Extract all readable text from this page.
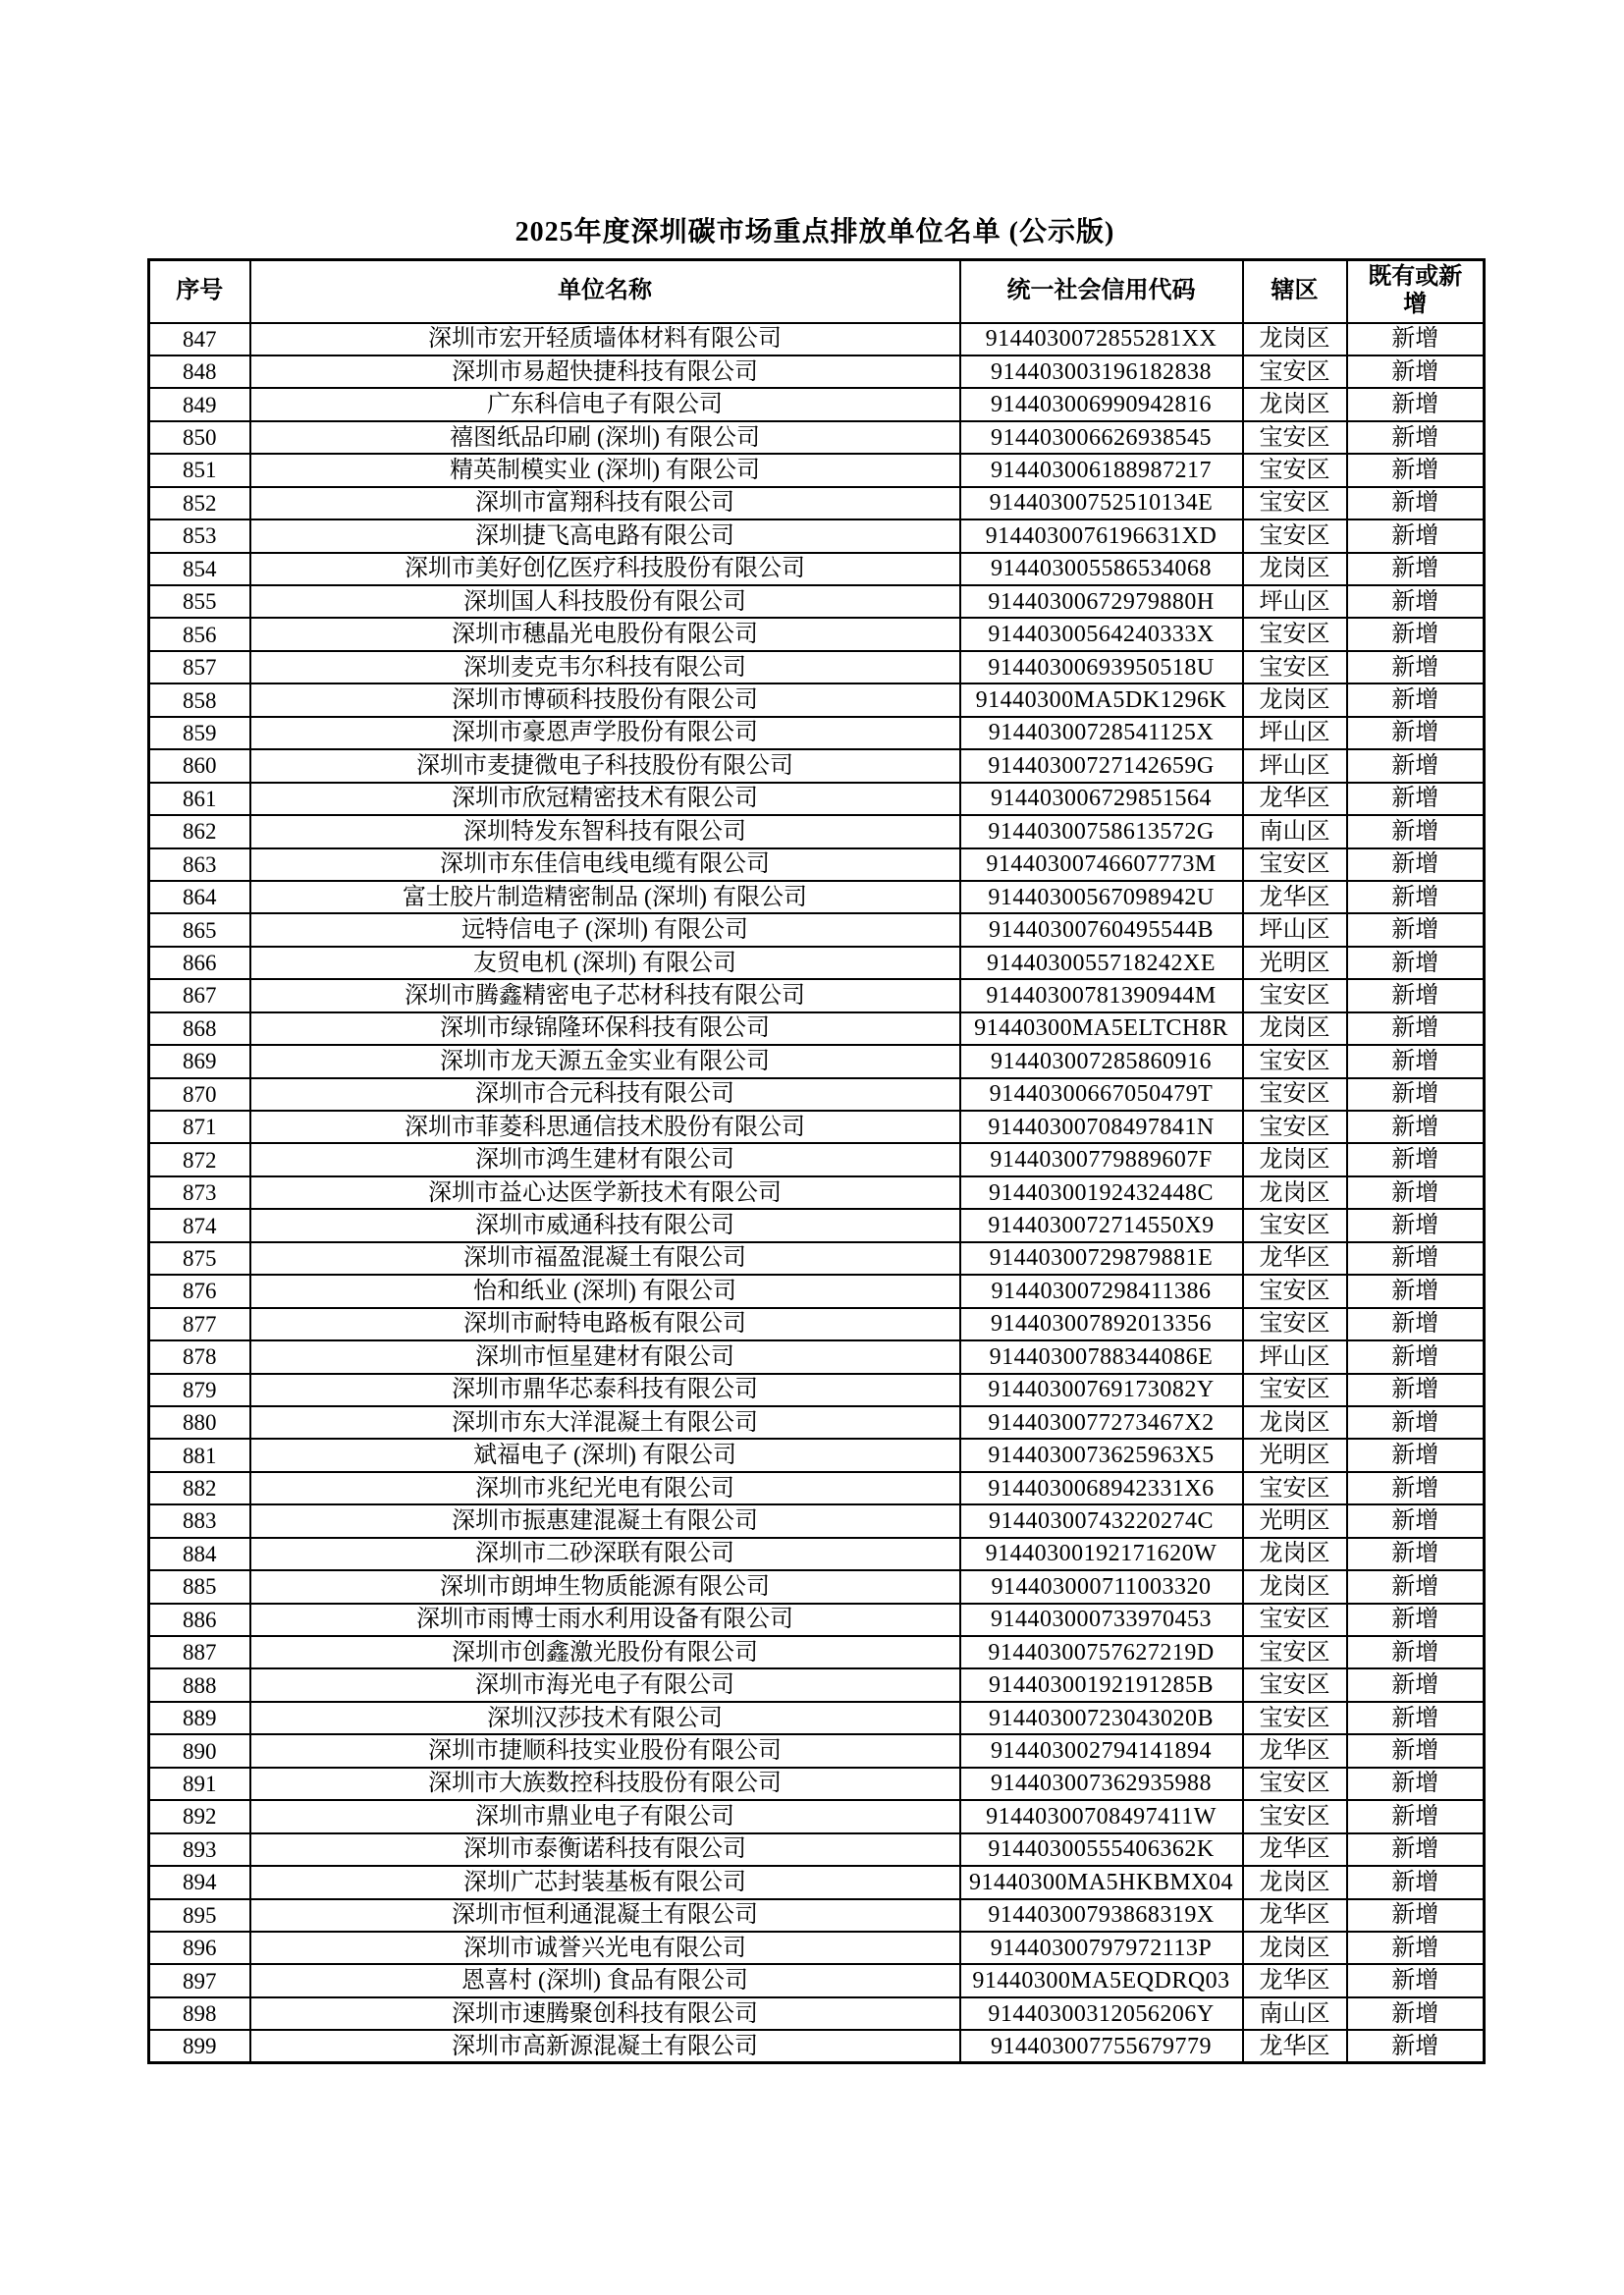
2025年度深圳碳市场重点排放单位名单 (公示版)
序号	单位名称	统一社会信用代码	辖区	既有或新增
847	深圳市宏开轻质墙体材料有限公司	9144030072855281XX	龙岗区	新增
848	深圳市易超快捷科技有限公司	914403003196182838	宝安区	新增
849	广东科信电子有限公司	914403006990942816	龙岗区	新增
850	禧图纸品印刷 (深圳) 有限公司	914403006626938545	宝安区	新增
851	精英制模实业 (深圳) 有限公司	914403006188987217	宝安区	新增
852	深圳市富翔科技有限公司	91440300752510134E	宝安区	新增
853	深圳捷飞高电路有限公司	9144030076196631XD	宝安区	新增
854	深圳市美好创亿医疗科技股份有限公司	914403005586534068	龙岗区	新增
855	深圳国人科技股份有限公司	91440300672979880H	坪山区	新增
856	深圳市穗晶光电股份有限公司	91440300564240333X	宝安区	新增
857	深圳麦克韦尔科技有限公司	91440300693950518U	宝安区	新增
858	深圳市博硕科技股份有限公司	91440300MA5DK1296K	龙岗区	新增
859	深圳市豪恩声学股份有限公司	91440300728541125X	坪山区	新增
860	深圳市麦捷微电子科技股份有限公司	91440300727142659G	坪山区	新增
861	深圳市欣冠精密技术有限公司	914403006729851564	龙华区	新增
862	深圳特发东智科技有限公司	91440300758613572G	南山区	新增
863	深圳市东佳信电线电缆有限公司	91440300746607773M	宝安区	新增
864	富士胶片制造精密制品 (深圳) 有限公司	91440300567098942U	龙华区	新增
865	远特信电子 (深圳) 有限公司	91440300760495544B	坪山区	新增
866	友贸电机 (深圳) 有限公司	9144030055718242XE	光明区	新增
867	深圳市腾鑫精密电子芯材科技有限公司	91440300781390944M	宝安区	新增
868	深圳市绿锦隆环保科技有限公司	91440300MA5ELTCH8R	龙岗区	新增
869	深圳市龙天源五金实业有限公司	914403007285860916	宝安区	新增
870	深圳市合元科技有限公司	91440300667050479T	宝安区	新增
871	深圳市菲菱科思通信技术股份有限公司	91440300708497841N	宝安区	新增
872	深圳市鸿生建材有限公司	91440300779889607F	龙岗区	新增
873	深圳市益心达医学新技术有限公司	91440300192432448C	龙岗区	新增
874	深圳市威通科技有限公司	9144030072714550X9	宝安区	新增
875	深圳市福盈混凝土有限公司	91440300729879881E	龙华区	新增
876	怡和纸业 (深圳) 有限公司	914403007298411386	宝安区	新增
877	深圳市耐特电路板有限公司	914403007892013356	宝安区	新增
878	深圳市恒星建材有限公司	91440300788344086E	坪山区	新增
879	深圳市鼎华芯泰科技有限公司	91440300769173082Y	宝安区	新增
880	深圳市东大洋混凝土有限公司	9144030077273467X2	龙岗区	新增
881	斌福电子 (深圳) 有限公司	9144030073625963X5	光明区	新增
882	深圳市兆纪光电有限公司	9144030068942331X6	宝安区	新增
883	深圳市振惠建混凝土有限公司	91440300743220274C	光明区	新增
884	深圳市二砂深联有限公司	91440300192171620W	龙岗区	新增
885	深圳市朗坤生物质能源有限公司	914403000711003320	龙岗区	新增
886	深圳市雨博士雨水利用设备有限公司	914403000733970453	宝安区	新增
887	深圳市创鑫激光股份有限公司	91440300757627219D	宝安区	新增
888	深圳市海光电子有限公司	91440300192191285B	宝安区	新增
889	深圳汉莎技术有限公司	91440300723043020B	宝安区	新增
890	深圳市捷顺科技实业股份有限公司	914403002794141894	龙华区	新增
891	深圳市大族数控科技股份有限公司	914403007362935988	宝安区	新增
892	深圳市鼎业电子有限公司	91440300708497411W	宝安区	新增
893	深圳市泰衡诺科技有限公司	91440300555406362K	龙华区	新增
894	深圳广芯封装基板有限公司	91440300MA5HKBMX04	龙岗区	新增
895	深圳市恒利通混凝土有限公司	91440300793868319X	龙华区	新增
896	深圳市诚誉兴光电有限公司	91440300797972113P	龙岗区	新增
897	恩喜村 (深圳) 食品有限公司	91440300MA5EQDRQ03	龙华区	新增
898	深圳市速腾聚创科技有限公司	91440300312056206Y	南山区	新增
899	深圳市高新源混凝土有限公司	914403007755679779	龙华区	新增
